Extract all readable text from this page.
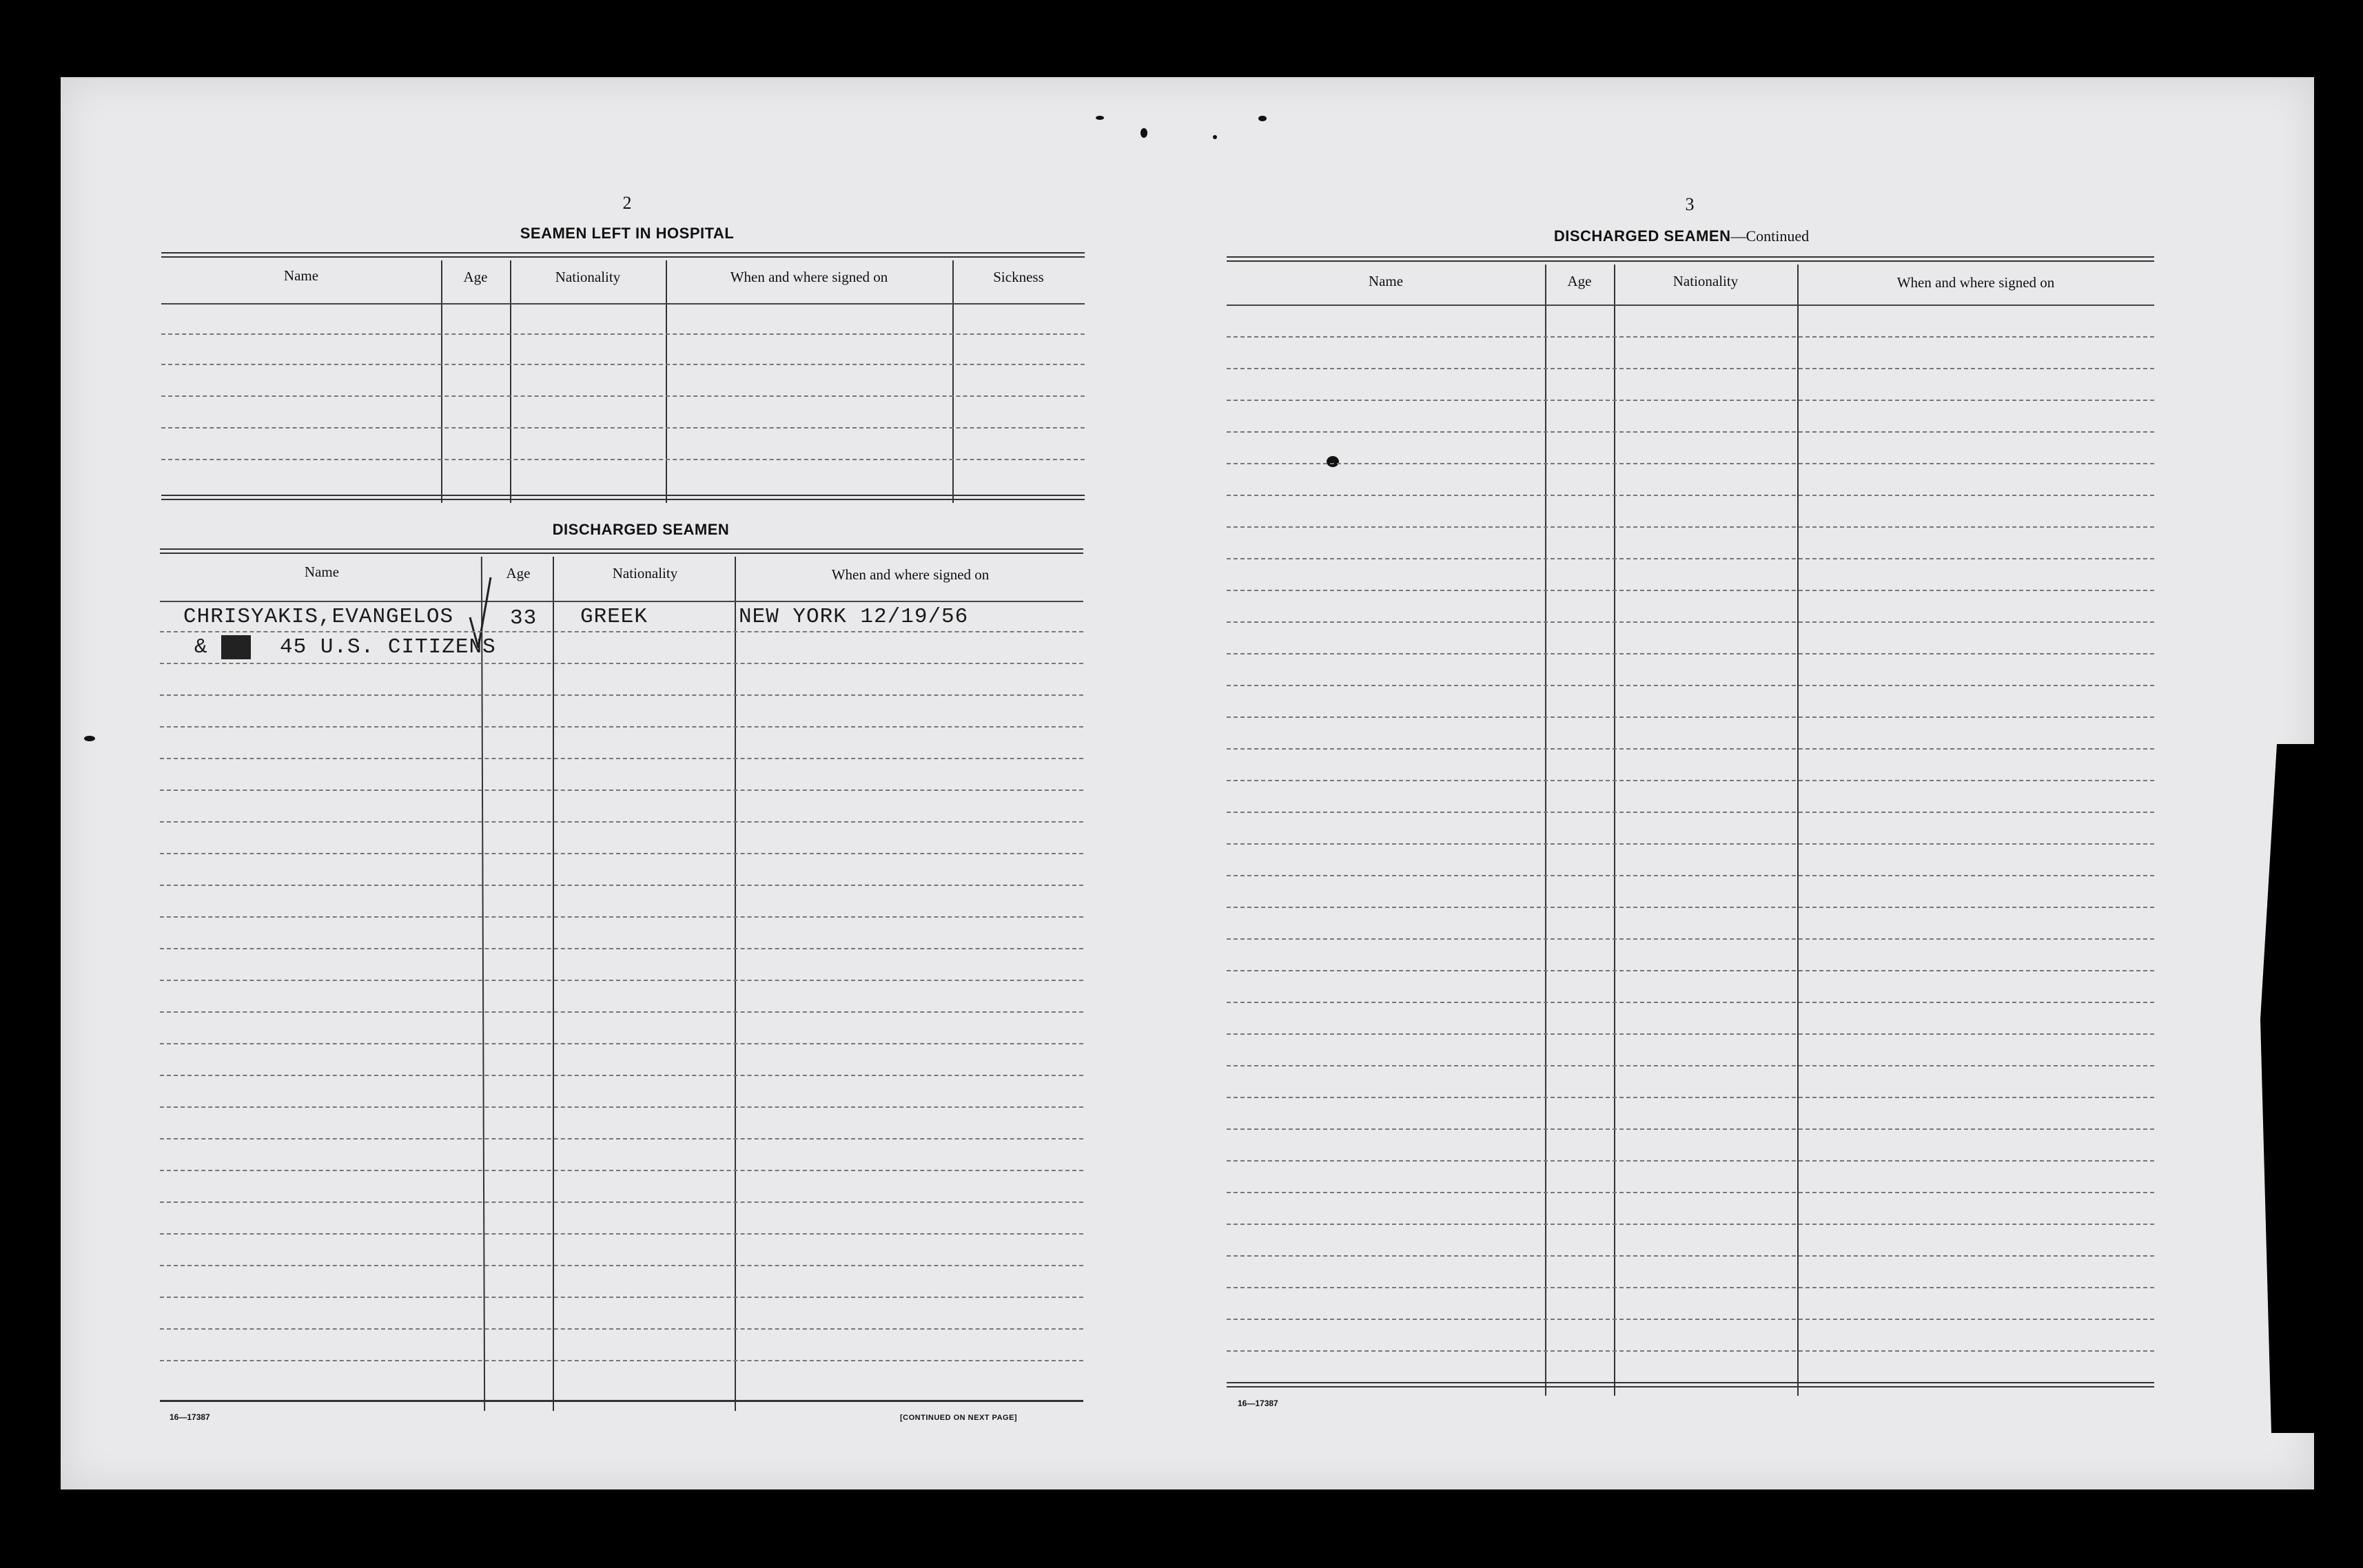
2
SEAMEN LEFT IN HOSPITAL
Name	Age	Nationality	When and where signed on	Sickness
DISCHARGED SEAMEN
Name	Age	Nationality	When and where signed on
CHRISYAKIS,EVANGELOS	33 GREEK	NEW YORK 12/19/56
& xx 45 U.S. CITIZENS
16—17387	[CONTINUED ON NEXT PAGE]
3
DISCHARGED SEAMEN—Continued
Name	Age	Nationality	When and where signed on
16—17387
